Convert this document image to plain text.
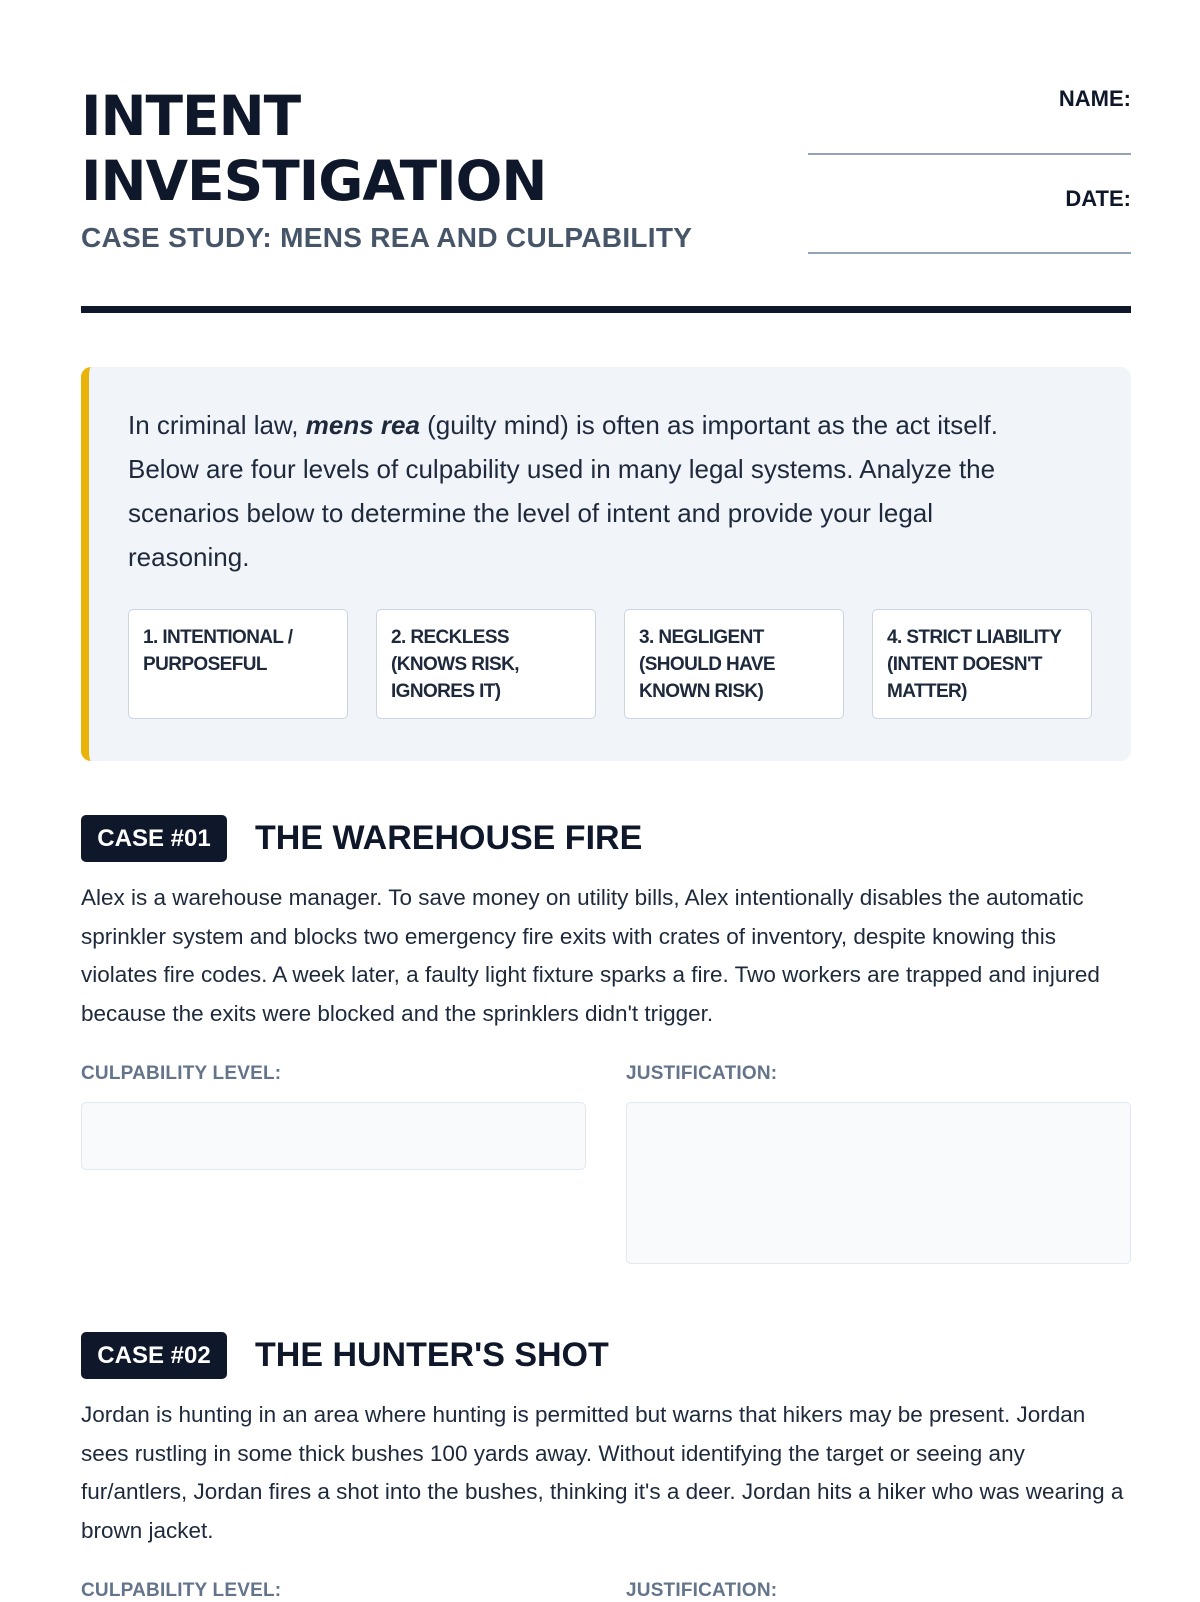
INTENT
INVESTIGATION
CASE STUDY: MENS REA AND CULPABILITY
NAME:
DATE:

In criminal law, mens rea (guilty mind) is often as important as the act itself. Below are four levels of culpability used in many legal systems. Analyze the scenarios below to determine the level of intent and provide your legal reasoning.

1. INTENTIONAL / PURPOSEFUL
2. RECKLESS (KNOWS RISK, IGNORES IT)
3. NEGLIGENT (SHOULD HAVE KNOWN RISK)
4. STRICT LIABILITY (INTENT DOESN'T MATTER)
CASE #01	THE WAREHOUSE FIRE

Alex is a warehouse manager. To save money on utility bills, Alex intentionally disables the automatic sprinkler system and blocks two emergency fire exits with crates of inventory, despite knowing this violates fire codes. A week later, a faulty light fixture sparks a fire. Two workers are trapped and injured because the exits were blocked and the sprinklers didn't trigger.

CULPABILITY LEVEL:	JUSTIFICATION:
CASE #02	THE HUNTER'S SHOT

Jordan is hunting in an area where hunting is permitted but warns that hikers may be present. Jordan sees rustling in some thick bushes 100 yards away. Without identifying the target or seeing any fur/antlers, Jordan fires a shot into the bushes, thinking it's a deer. Jordan hits a hiker who was wearing a brown jacket.

CULPABILITY LEVEL:	JUSTIFICATION:
